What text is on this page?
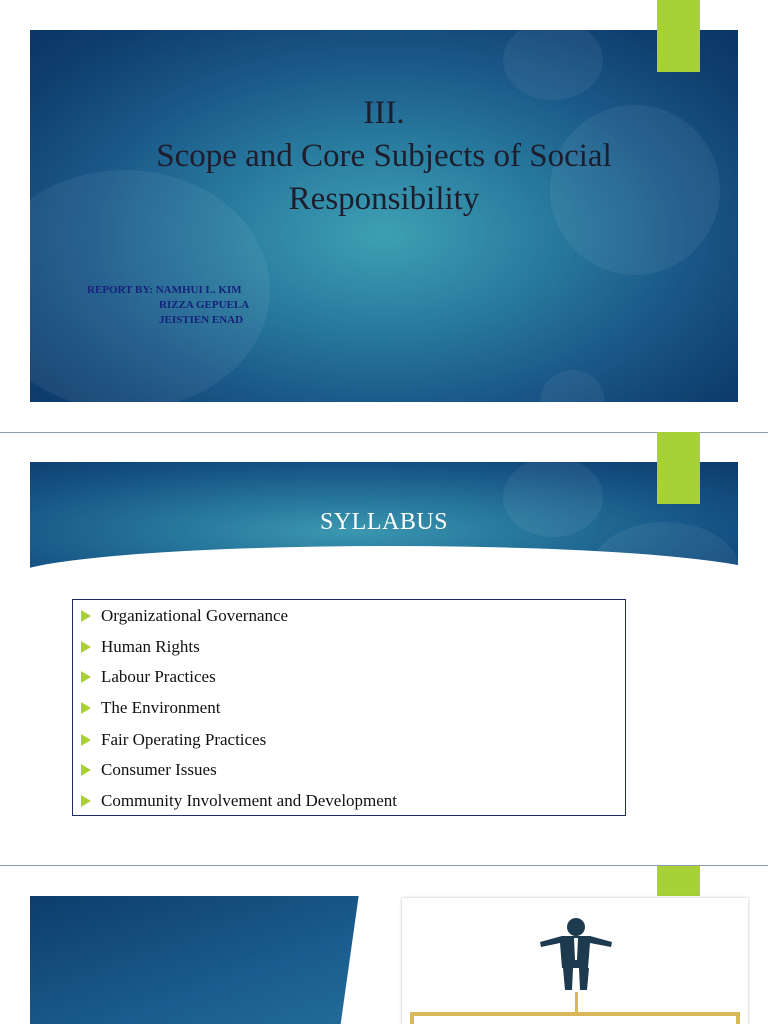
III.
Scope and Core Subjects of Social
Responsibility
REPORT BY: NAMHUI L. KIM
RIZZA GEPUELA
JEISTIEN ENAD
SYLLABUS
Organizational Governance
Human Rights
Labour Practices
The Environment
Fair Operating Practices
Consumer Issues
Community Involvement and Development
